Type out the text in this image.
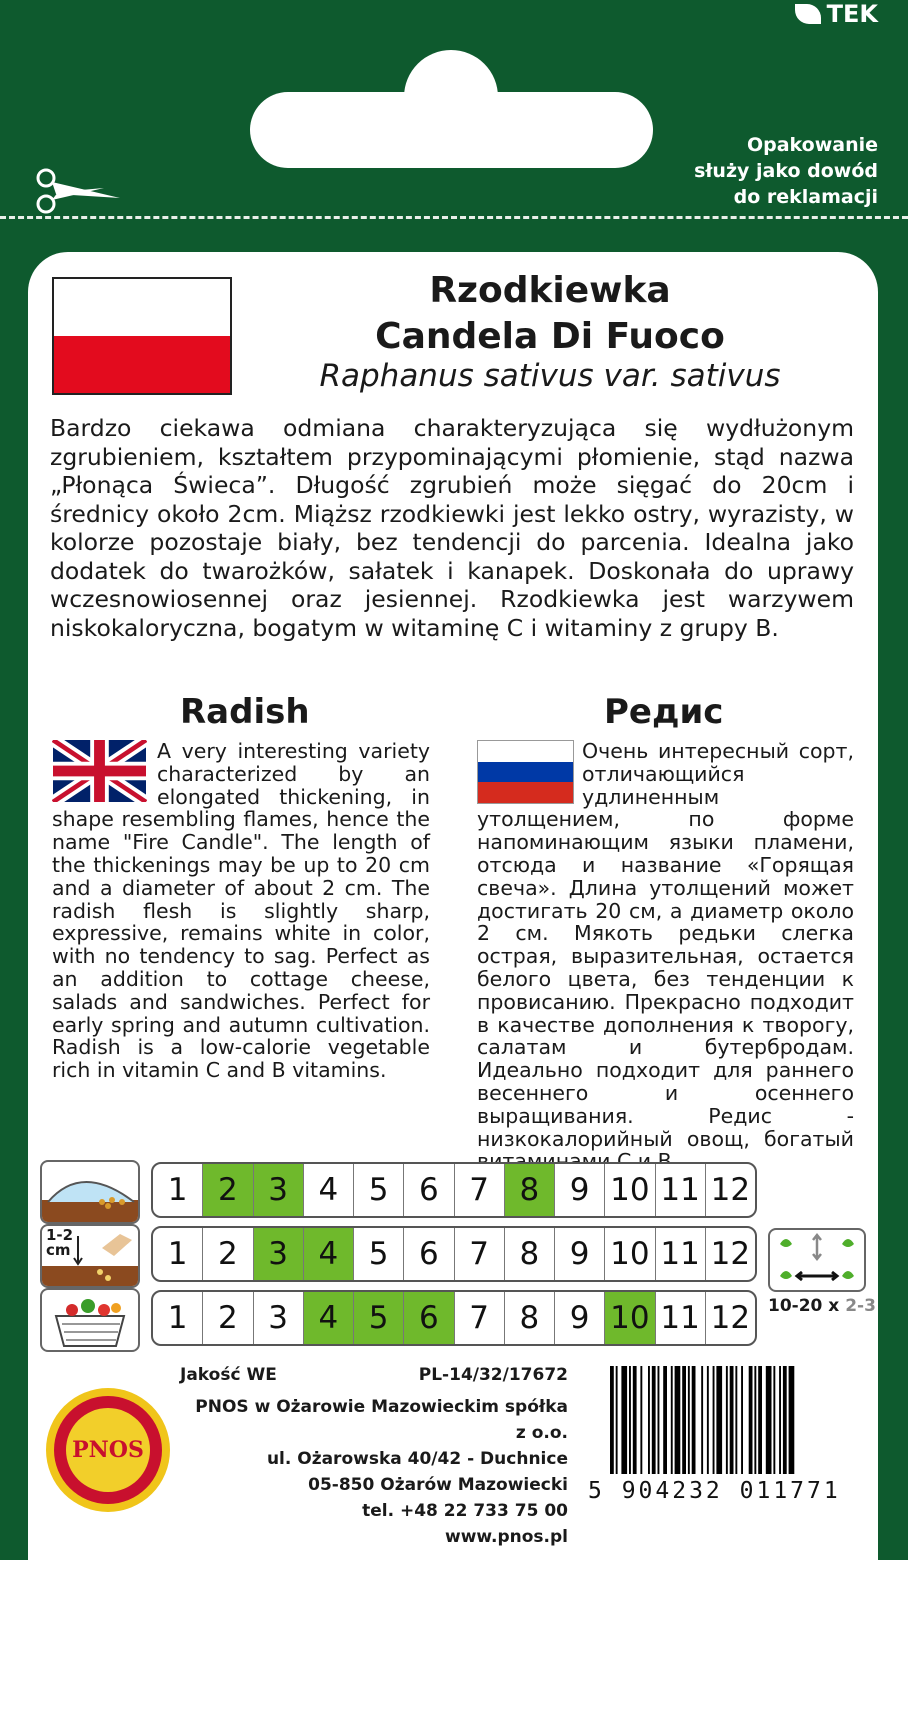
TEK
Opakowanie
służy jako dowód
do reklamacji
Rzodkiewka
Candela Di Fuoco
Raphanus sativus var. sativus
Bardzo ciekawa odmiana charakteryzująca się wydłużonym zgrubieniem, kształtem przypominającymi płomienie, stąd nazwa „Płonąca Świeca”. Długość zgrubień może sięgać do 20cm i średnicy około 2cm. Miąższ rzodkiewki jest lekko ostry, wyrazisty, w kolorze pozostaje biały, bez tendencji do parcenia. Idealna jako dodatek do twarożków, sałatek i kanapek. Doskonała do uprawy wczesnowiosennej oraz jesiennej. Rzodkiewka jest warzywem niskokaloryczna, bogatym w witaminę C i witaminy z grupy B.
Radish	Редис
A very interesting variety characterized by an elongated thickening, in shape resembling flames, hence the name "Fire Candle". The length of the thickenings may be up to 20 cm and a diameter of about 2 cm. The radish flesh is slightly sharp, expressive, remains white in color, with no tendency to sag. Perfect as an addition to cottage cheese, salads and sandwiches. Perfect for early spring and autumn cultivation. Radish is a low-calorie vegetable rich in vitamin C and B vitamins.
Очень интересный сорт, отличающийся удлиненным утолщением, по форме напоминающим языки пламени, отсюда и название «Горящая свеча». Длина утолщений может достигать 20 см, а диаметр около 2 см. Мякоть редьки слегка острая, выразительная, остается белого цвета, без тенденции к провисанию. Прекрасно подходит в качестве дополнения к творогу, салатам и бутербродам. Идеально подходит для раннего весеннего и осеннего выращивания. Редис - низкокалорийный овощ, богатый
1-2
cm
1 2 3 4 5 6 7 8 9 10 11 12
1 2 3 4 5 6 7 8 9 10 11 12
1 2 3 4 5 6 7 8 9 10 11 12 10-20 x 2-3
Jakość WE	PL-14/32/17672
PNOS w Ożarowie Mazowieckim spółka z o.o.
ul. Ożarowska 40/42 - Duchnice
05-850 Ożarów Mazowiecki
tel. +48 22 733 75 00
www.pnos.pl
PNOS
5 904232 011771
